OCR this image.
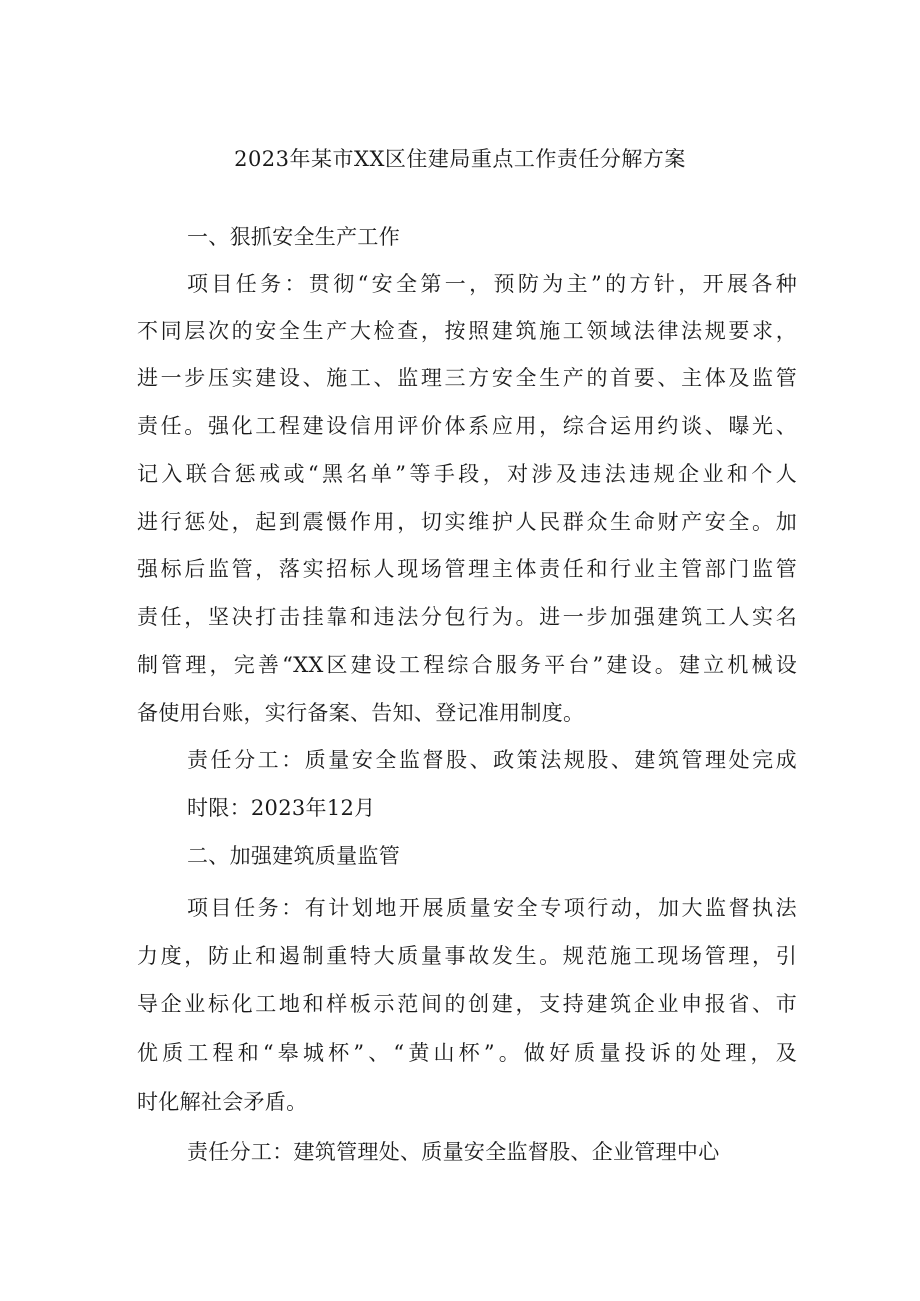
2023年某市XX区住建局重点工作责任分解方案
一、狠抓安全生产工作
项目任务：贯彻“安全第一，预防为主”的方针，开展各种
不同层次的安全生产大检查，按照建筑施工领域法律法规要求，
进一步压实建设、施工、监理三方安全生产的首要、主体及监管
责任。强化工程建设信用评价体系应用，综合运用约谈、曝光、
记入联合惩戒或“黑名单”等手段，对涉及违法违规企业和个人
进行惩处，起到震慑作用，切实维护人民群众生命财产安全。加
强标后监管，落实招标人现场管理主体责任和行业主管部门监管
责任，坚决打击挂靠和违法分包行为。进一步加强建筑工人实名
制管理，完善“XX区建设工程综合服务平台”建设。建立机械设
备使用台账，实行备案、告知、登记准用制度。
责任分工：质量安全监督股、政策法规股、建筑管理处完成
时限：2023年12月
二、加强建筑质量监管
项目任务：有计划地开展质量安全专项行动，加大监督执法
力度，防止和遏制重特大质量事故发生。规范施工现场管理，引
导企业标化工地和样板示范间的创建，支持建筑企业申报省、市
优质工程和“皋城杯”、“黄山杯”。做好质量投诉的处理，及
时化解社会矛盾。
责任分工：建筑管理处、质量安全监督股、企业管理中心
